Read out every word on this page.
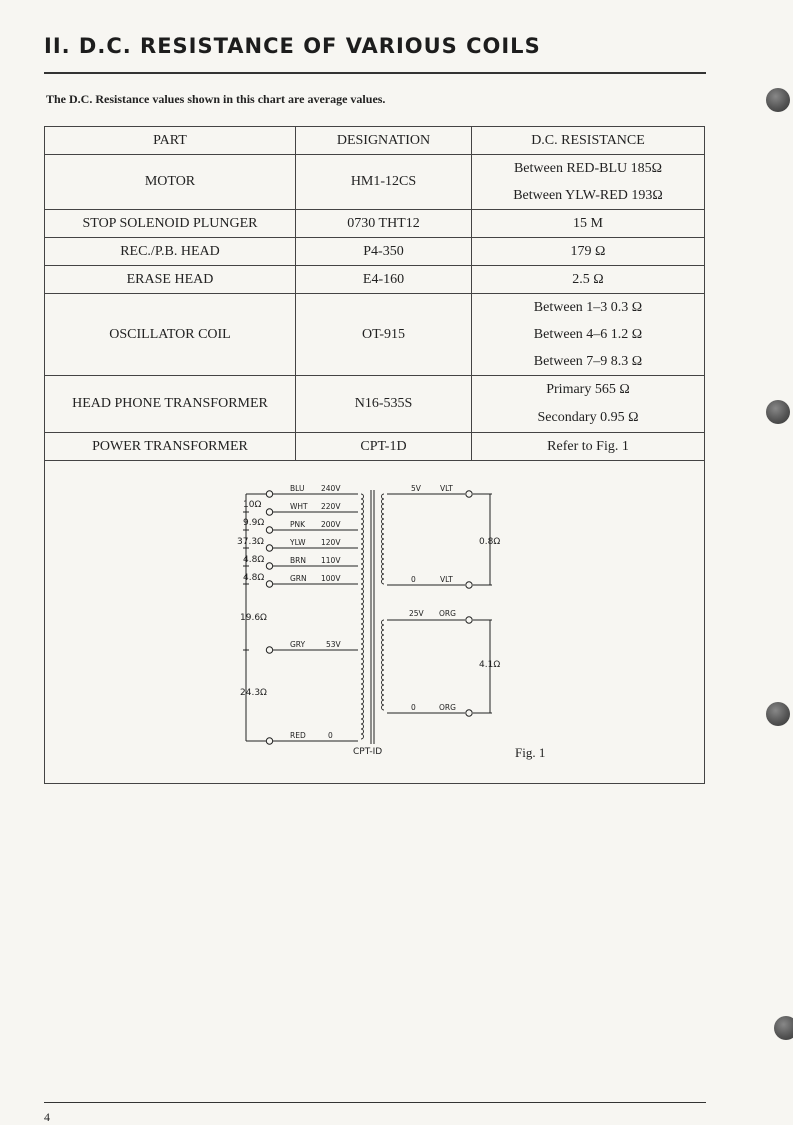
II. D.C. RESISTANCE OF VARIOUS COILS
The D.C. Resistance values shown in this chart are average values.
PART	DESIGNATION	D.C. RESISTANCE
MOTOR	HM1-12CS	Between RED-BLU 185Ω
Between YLW-RED 193Ω

STOP SOLENOID PLUNGER	0730 THT12	15 M
REC./P.B. HEAD	P4-350	179 Ω
ERASE HEAD	E4-160	2.5 Ω
OSCILLATOR COIL	OT-915	Between 1–3 0.3 Ω
Between 4–6 1.2 Ω
Between 7–9 8.3 Ω

HEAD PHONE TRANSFORMER	N16-535S	Primary 565 Ω
Secondary 0.95 Ω

POWER TRANSFORMER	CPT-1D	Refer to Fig. 1
BLU 240V
WHT 220V
PNK 200V
YLW 120V
BRN 110V
GRN 100V
GRY	53V
RED	0
10Ω
9.9Ω
37.3Ω
4.8Ω
4.8Ω
19.6Ω
24.3Ω
5V	VLT
0	VLT
25V ORG
0	ORG
0.8Ω
4.1Ω
CPT-ID	Fig. 1
4
